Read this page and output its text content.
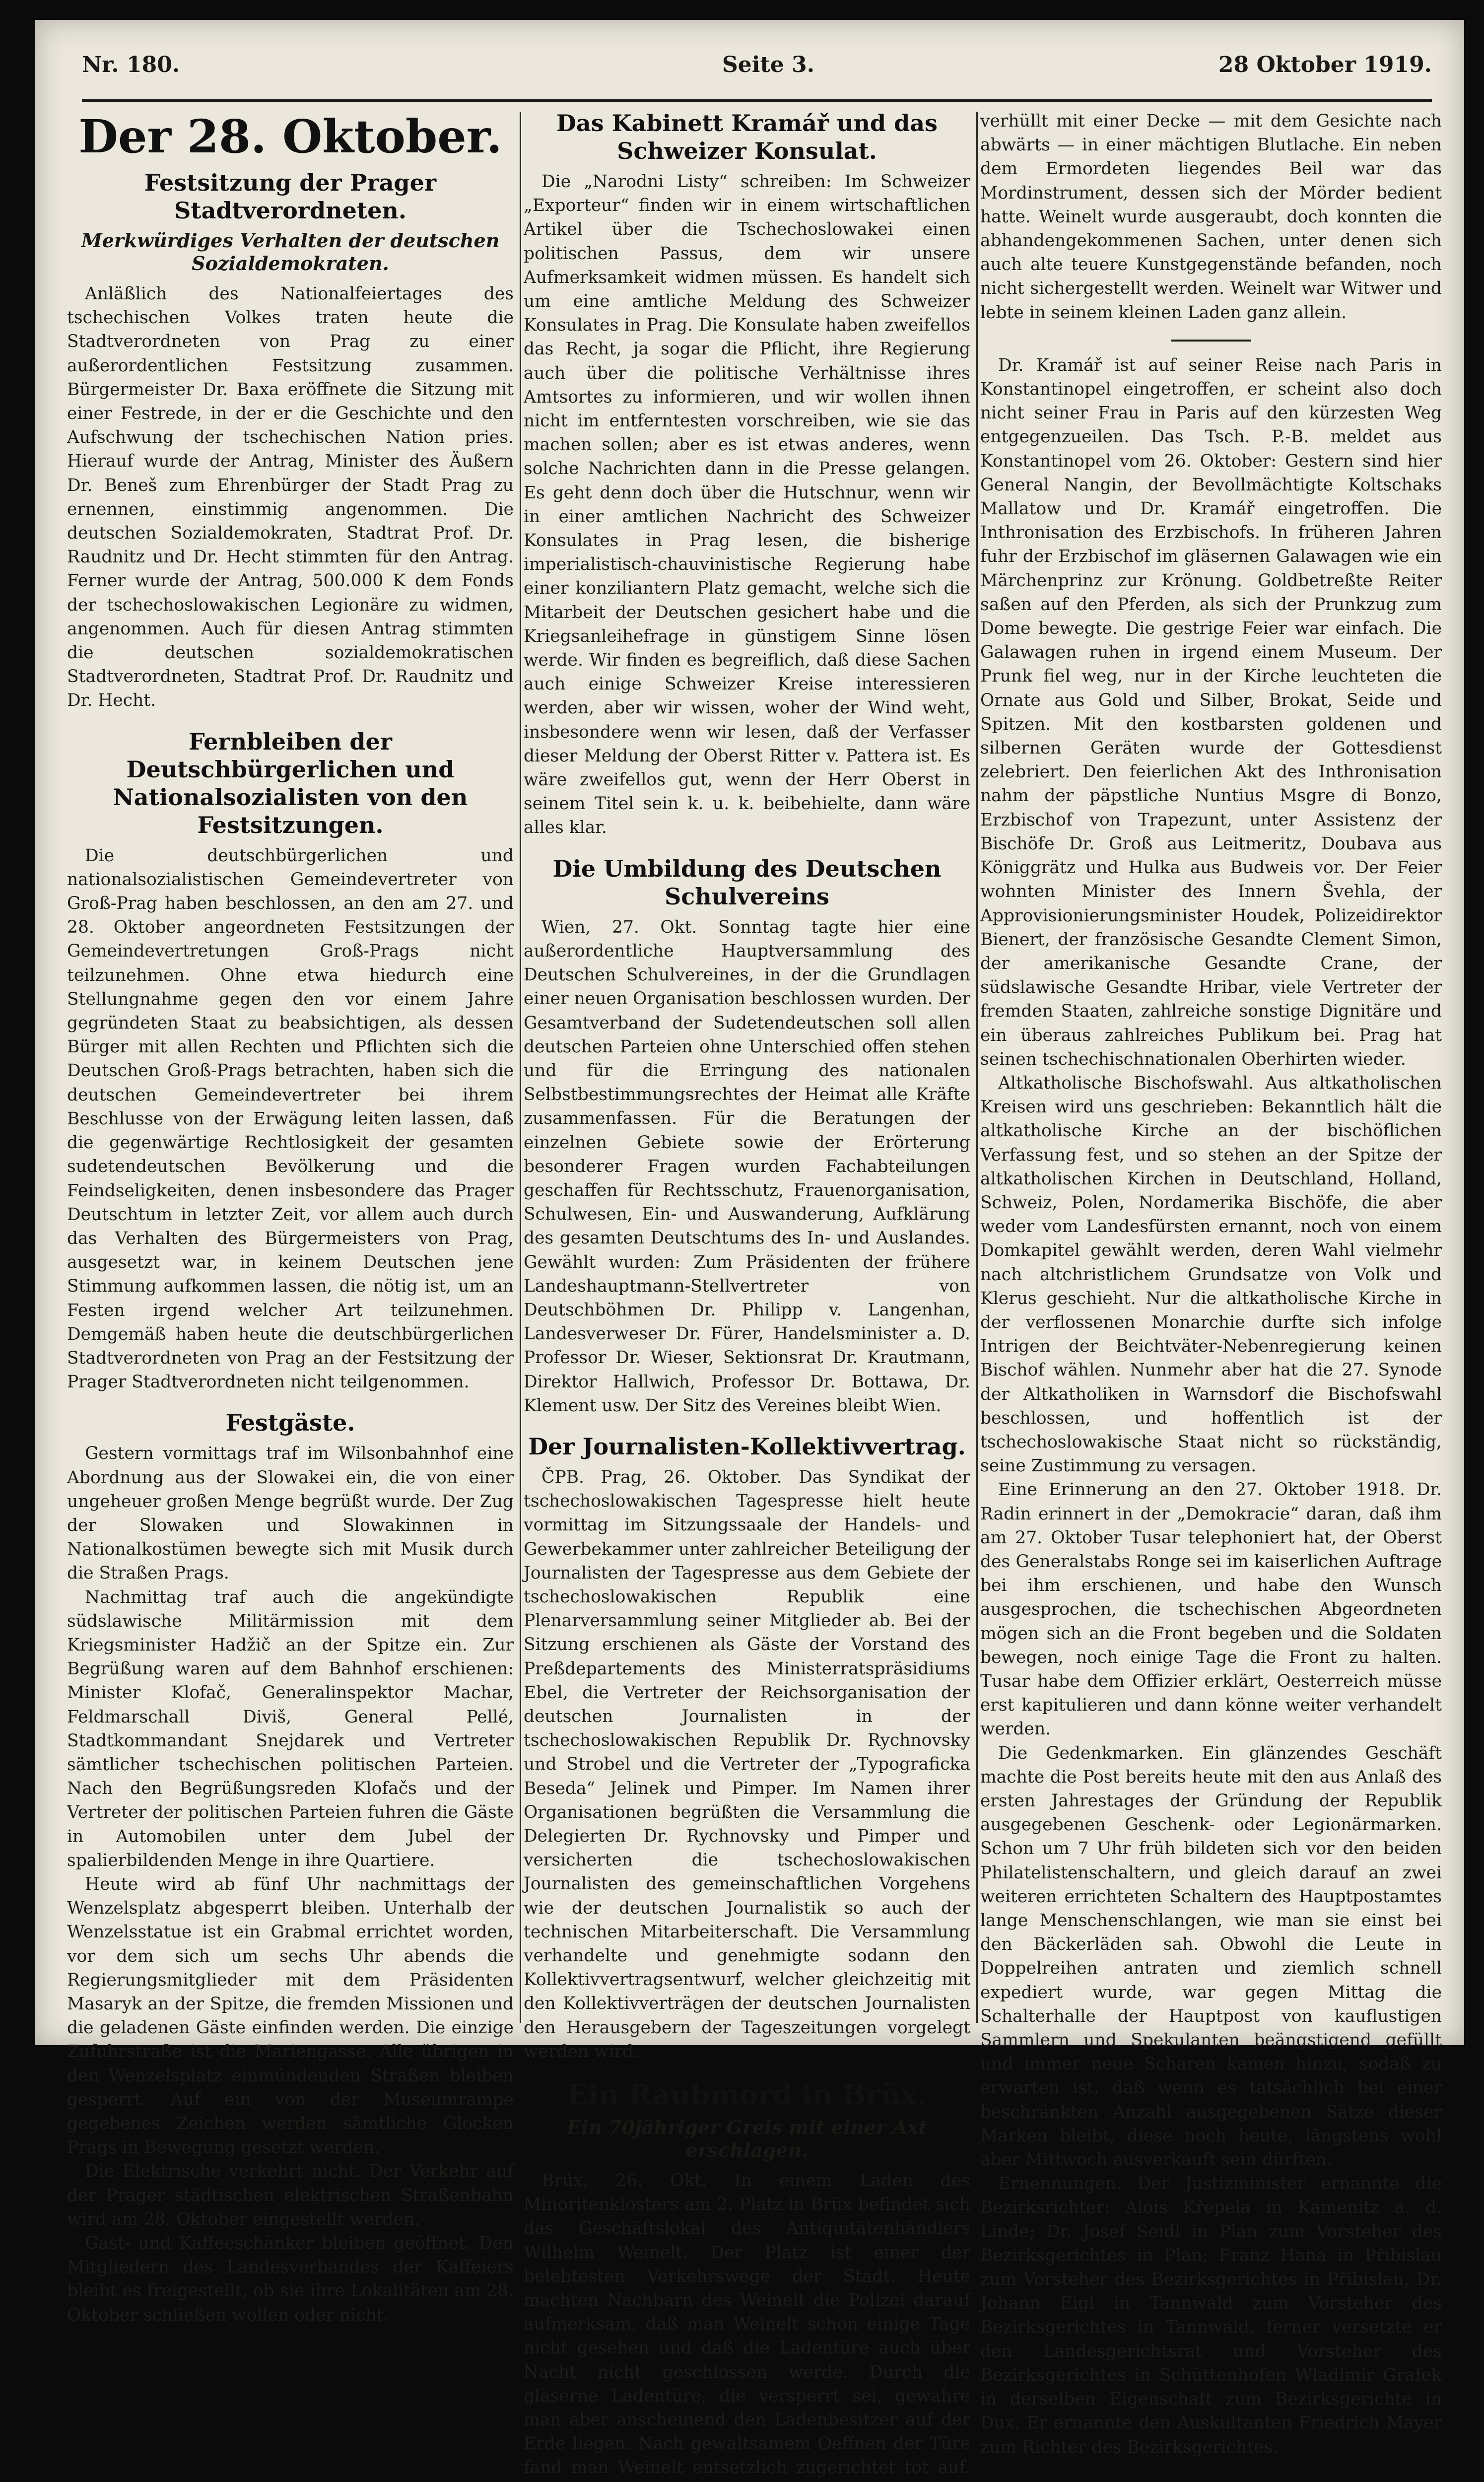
Nr. 180.	Seite 3.	28 Oktober 1919.
Der 28. Oktober.
Festsitzung der Prager Stadtverordneten.
Merkwürdiges Verhalten der deutschen Sozialdemokraten.

Anläßlich des Nationalfeiertages des tschechischen Volkes traten heute die Stadtverordneten von Prag zu einer außerordentlichen Festsitzung zusammen. Bürgermeister Dr. Baxa eröffnete die Sitzung mit einer Festrede, in der er die Geschichte und den Aufschwung der tschechischen Nation pries. Hierauf wurde der Antrag, Minister des Äußern Dr. Beneš zum Ehrenbürger der Stadt Prag zu ernennen, einstimmig angenommen. Die deutschen Sozialdemokraten, Stadtrat Prof. Dr. Raudnitz und Dr. Hecht stimmten für den Antrag. Ferner wurde der Antrag, 500.000 K dem Fonds der tschechoslowakischen Legionäre zu widmen, angenommen. Auch für diesen Antrag stimmten die deutschen sozialdemokratischen Stadtverordneten, Stadtrat Prof. Dr. Raudnitz und Dr. Hecht.

Fernbleiben der Deutschbürgerlichen und Nationalsozialisten von den Festsitzungen.

Die deutschbürgerlichen und nationalsozialistischen Gemeindevertreter von Groß-Prag haben beschlossen, an den am 27. und 28. Oktober angeordneten Festsitzungen der Gemeindevertretungen Groß-Prags nicht teilzunehmen. Ohne etwa hiedurch eine Stellungnahme gegen den vor einem Jahre gegründeten Staat zu beabsichtigen, als dessen Bürger mit allen Rechten und Pflichten sich die Deutschen Groß-Prags betrachten, haben sich die deutschen Gemeindevertreter bei ihrem Beschlusse von der Erwägung leiten lassen, daß die gegenwärtige Rechtlosigkeit der gesamten sudetendeutschen Bevölkerung und die Feindseligkeiten, denen insbesondere das Prager Deutschtum in letzter Zeit, vor allem auch durch das Verhalten des Bürgermeisters von Prag, ausgesetzt war, in keinem Deutschen jene Stimmung aufkommen lassen, die nötig ist, um an Festen irgend welcher Art teilzunehmen. Demgemäß haben heute die deutschbürgerlichen Stadtverordneten von Prag an der Festsitzung der Prager Stadtverordneten nicht teilgenommen.

Festgäste.

Gestern vormittags traf im Wilsonbahnhof eine Abordnung aus der Slowakei ein, die von einer ungeheuer großen Menge begrüßt wurde. Der Zug der Slowaken und Slowakinnen in Nationalkostümen bewegte sich mit Musik durch die Straßen Prags.

Nachmittag traf auch die angekündigte südslawische Militärmission mit dem Kriegsminister Hadžič an der Spitze ein. Zur Begrüßung waren auf dem Bahnhof erschienen: Minister Klofač, Generalinspektor Machar, Feldmarschall Diviš, General Pellé, Stadtkommandant Snejdarek und Vertreter sämtlicher tschechischen politischen Parteien. Nach den Begrüßungsreden Klofačs und der Vertreter der politischen Parteien fuhren die Gäste in Automobilen unter dem Jubel der spalierbildenden Menge in ihre Quartiere.

Heute wird ab fünf Uhr nachmittags der Wenzelsplatz abgesperrt bleiben. Unterhalb der Wenzelsstatue ist ein Grabmal errichtet worden, vor dem sich um sechs Uhr abends die Regierungsmitglieder mit dem Präsidenten Masaryk an der Spitze, die fremden Missionen und die geladenen Gäste einfinden werden. Die einzige Zufuhrstraße ist die Mariengasse. Alle übrigen in den Wenzelsplatz einmündenden Straßen bleiben gesperrt. Auf ein von der Museumrampe gegebenes Zeichen werden sämtliche Glocken Prags in Bewegung gesetzt werden.

Die Elektrische verkehrt nicht. Der Verkehr auf der Prager städtischen elektrischen Straßenbahn wird am 28. Oktober eingestellt werden.

Gast- und Kaffeeschänker bleiben geöffnet. Den Mitgliedern des Landesverbandes der Kaffeiers bleibt es freigestellt, ob sie ihre Lokalitäten am 28. Oktober schließen wollen oder nicht.

Das Kabinett Kramář und das Schweizer Konsulat.

Die „Narodni Listy“ schreiben: Im Schweizer „Exporteur“ finden wir in einem wirtschaftlichen Artikel über die Tschechoslowakei einen politischen Passus, dem wir unsere Aufmerksamkeit widmen müssen. Es handelt sich um eine amtliche Meldung des Schweizer Konsulates in Prag. Die Konsulate haben zweifellos das Recht, ja sogar die Pflicht, ihre Regierung auch über die politische Verhältnisse ihres Amtsortes zu informieren, und wir wollen ihnen nicht im entferntesten vorschreiben, wie sie das machen sollen; aber es ist etwas anderes, wenn solche Nachrichten dann in die Presse gelangen. Es geht denn doch über die Hutschnur, wenn wir in einer amtlichen Nachricht des Schweizer Konsulates in Prag lesen, die bisherige imperialistisch-chauvinistische Regierung habe einer konziliantern Platz gemacht, welche sich die Mitarbeit der Deutschen gesichert habe und die Kriegsanleihefrage in günstigem Sinne lösen werde. Wir finden es begreiflich, daß diese Sachen auch einige Schweizer Kreise interessieren werden, aber wir wissen, woher der Wind weht, insbesondere wenn wir lesen, daß der Verfasser dieser Meldung der Oberst Ritter v. Pattera ist. Es wäre zweifellos gut, wenn der Herr Oberst in seinem Titel sein k. u. k. beibehielte, dann wäre alles klar.

Die Umbildung des Deutschen Schulvereins

Wien, 27. Okt. Sonntag tagte hier eine außerordentliche Hauptversammlung des Deutschen Schulvereines, in der die Grundlagen einer neuen Organisation beschlossen wurden. Der Gesamtverband der Sudetendeutschen soll allen deutschen Parteien ohne Unterschied offen stehen und für die Erringung des nationalen Selbstbestimmungsrechtes der Heimat alle Kräfte zusammenfassen. Für die Beratungen der einzelnen Gebiete sowie der Erörterung besonderer Fragen wurden Fachabteilungen geschaffen für Rechtsschutz, Frauenorganisation, Schulwesen, Ein- und Auswanderung, Aufklärung des gesamten Deutschtums des In- und Auslandes. Gewählt wurden: Zum Präsidenten der frühere Landeshauptmann-Stellvertreter von Deutschböhmen Dr. Philipp v. Langenhan, Landesverweser Dr. Fürer, Handelsminister a. D. Professor Dr. Wieser, Sektionsrat Dr. Krautmann, Direktor Hallwich, Professor Dr. Bottawa, Dr. Klement usw. Der Sitz des Vereines bleibt Wien.

Der Journalisten-Kollektivvertrag.

ČPB. Prag, 26. Oktober. Das Syndikat der tschechoslowakischen Tagespresse hielt heute vormittag im Sitzungssaale der Handels- und Gewerbekammer unter zahlreicher Beteiligung der Journalisten der Tagespresse aus dem Gebiete der tschechoslowakischen Republik eine Plenarversammlung seiner Mitglieder ab. Bei der Sitzung erschienen als Gäste der Vorstand des Preßdepartements des Ministerratspräsidiums Ebel, die Vertreter der Reichsorganisation der deutschen Journalisten in der tschechoslowakischen Republik Dr. Rychnovsky und Strobel und die Vertreter der „Typograficka Beseda“ Jelinek und Pimper. Im Namen ihrer Organisationen begrüßten die Versammlung die Delegierten Dr. Rychnovsky und Pimper und versicherten die tschechoslowakischen Journalisten des gemeinschaftlichen Vorgehens wie der deutschen Journalistik so auch der technischen Mitarbeiterschaft. Die Versammlung verhandelte und genehmigte sodann den Kollektivvertragsentwurf, welcher gleichzeitig mit den Kollektivverträgen der deutschen Journalisten den Herausgebern der Tageszeitungen vorgelegt werden wird.

Ein Raubmord in Brüx.
Ein 70jähriger Greis mit einer Axt erschlagen.

Brüx, 26. Okt. In einem Laden des Minoritenklosters am 2. Platz in Brüx befindet sich das Geschäftslokal des Antiquitätenhändlers Wilhelm Weinelt. Der Platz ist einer der belebtesten Verkehrswege der Stadt. Heute machten Nachbarn des Weinelt die Polizei darauf aufmerksam, daß man Weinelt schon einige Tage nicht gesehen und daß die Ladentüre auch über Nacht nicht geschlossen werde. Durch die gläserne Ladentüre, die versperrt sei, gewahre man aber anscheinend den Ladenbesitzer auf der Erde liegen. Nach gewaltsamem Oeffnen der Türe fand man Weinelt entsetzlich zugerichtet tot auf.

verhüllt mit einer Decke — mit dem Gesichte nach abwärts — in einer mächtigen Blutlache. Ein neben dem Ermordeten liegendes Beil war das Mordinstrument, dessen sich der Mörder bedient hatte. Weinelt wurde ausgeraubt, doch konnten die abhandengekommenen Sachen, unter denen sich auch alte teuere Kunstgegenstände befanden, noch nicht sichergestellt werden. Weinelt war Witwer und lebte in seinem kleinen Laden ganz allein.

Dr. Kramář ist auf seiner Reise nach Paris in Konstantinopel eingetroffen, er scheint also doch nicht seiner Frau in Paris auf den kürzesten Weg entgegenzueilen. Das Tsch. P.-B. meldet aus Konstantinopel vom 26. Oktober: Gestern sind hier General Nangin, der Bevollmächtigte Koltschaks Mallatow und Dr. Kramář eingetroffen. Die Inthronisation des Erzbischofs. In früheren Jahren fuhr der Erzbischof im gläsernen Galawagen wie ein Märchenprinz zur Krönung. Goldbetreßte Reiter saßen auf den Pferden, als sich der Prunkzug zum Dome bewegte. Die gestrige Feier war einfach. Die Galawagen ruhen in irgend einem Museum. Der Prunk fiel weg, nur in der Kirche leuchteten die Ornate aus Gold und Silber, Brokat, Seide und Spitzen. Mit den kostbarsten goldenen und silbernen Geräten wurde der Gottesdienst zelebriert. Den feierlichen Akt des Inthronisation nahm der päpstliche Nuntius Msgre di Bonzo, Erzbischof von Trapezunt, unter Assistenz der Bischöfe Dr. Groß aus Leitmeritz, Doubava aus Königgrätz und Hulka aus Budweis vor. Der Feier wohnten Minister des Innern Švehla, der Approvisionierungsminister Houdek, Polizeidirektor Bienert, der französische Gesandte Clement Simon, der amerikanische Gesandte Crane, der südslawische Gesandte Hribar, viele Vertreter der fremden Staaten, zahlreiche sonstige Dignitäre und ein überaus zahlreiches Publikum bei. Prag hat seinen tschechischnationalen Oberhirten wieder.

Altkatholische Bischofswahl. Aus altkatholischen Kreisen wird uns geschrieben: Bekanntlich hält die altkatholische Kirche an der bischöflichen Verfassung fest, und so stehen an der Spitze der altkatholischen Kirchen in Deutschland, Holland, Schweiz, Polen, Nordamerika Bischöfe, die aber weder vom Landesfürsten ernannt, noch von einem Domkapitel gewählt werden, deren Wahl vielmehr nach altchristlichem Grundsatze von Volk und Klerus geschieht. Nur die altkatholische Kirche in der verflossenen Monarchie durfte sich infolge Intrigen der Beichtväter-Nebenregierung keinen Bischof wählen. Nunmehr aber hat die 27. Synode der Altkatholiken in Warnsdorf die Bischofswahl beschlossen, und hoffentlich ist der tschechoslowakische Staat nicht so rückständig, seine Zustimmung zu versagen.

Eine Erinnerung an den 27. Oktober 1918. Dr. Radin erinnert in der „Demokracie“ daran, daß ihm am 27. Oktober Tusar telephoniert hat, der Oberst des Generalstabs Ronge sei im kaiserlichen Auftrage bei ihm erschienen, und habe den Wunsch ausgesprochen, die tschechischen Abgeordneten mögen sich an die Front begeben und die Soldaten bewegen, noch einige Tage die Front zu halten. Tusar habe dem Offizier erklärt, Oesterreich müsse erst kapitulieren und dann könne weiter verhandelt werden.

Die Gedenkmarken. Ein glänzendes Geschäft machte die Post bereits heute mit den aus Anlaß des ersten Jahrestages der Gründung der Republik ausgegebenen Geschenk- oder Legionärmarken. Schon um 7 Uhr früh bildeten sich vor den beiden Philatelistenschaltern, und gleich darauf an zwei weiteren errichteten Schaltern des Hauptpostamtes lange Menschenschlangen, wie man sie einst bei den Bäckerläden sah. Obwohl die Leute in Doppelreihen antraten und ziemlich schnell expediert wurde, war gegen Mittag die Schalterhalle der Hauptpost von kauflustigen Sammlern und Spekulanten beängstigend gefüllt und immer neue Scharen kamen hinzu, sodaß zu erwarten ist, daß wenn es tatsächlich bei einer beschränkten Anzahl ausgegebenen Sätze dieser Marken bleibt, diese noch heute, längstens wohl aber Mittwoch ausverkauft sein dürften.

Ernennungen. Der Justizminister ernannte die Bezirksrichter: Alois Křepela in Kamenitz a. d. Linde; Dr. Josef Seidl in Plan zum Vorsteher des Bezirksgerichtes in Plan; Franz Hana in Přibislau zum Vorsteher des Bezirksgerichtes in Přibislau, Dr. Johann Eigl in Tannwald zum Vorsteher des Bezirksgerichtes in Tannwald, ferner versetzte er den Landesgerichtsrat und Vorsteher des Bezirksgerichtes in Schüttenhofen Wladimir Grafek in derselben Eigenschaft zum Bezirksgerichte in Dux. Er ernannte den Auskultanten Friedrich Mayer zum Richter des Bezirksgerichtes.
